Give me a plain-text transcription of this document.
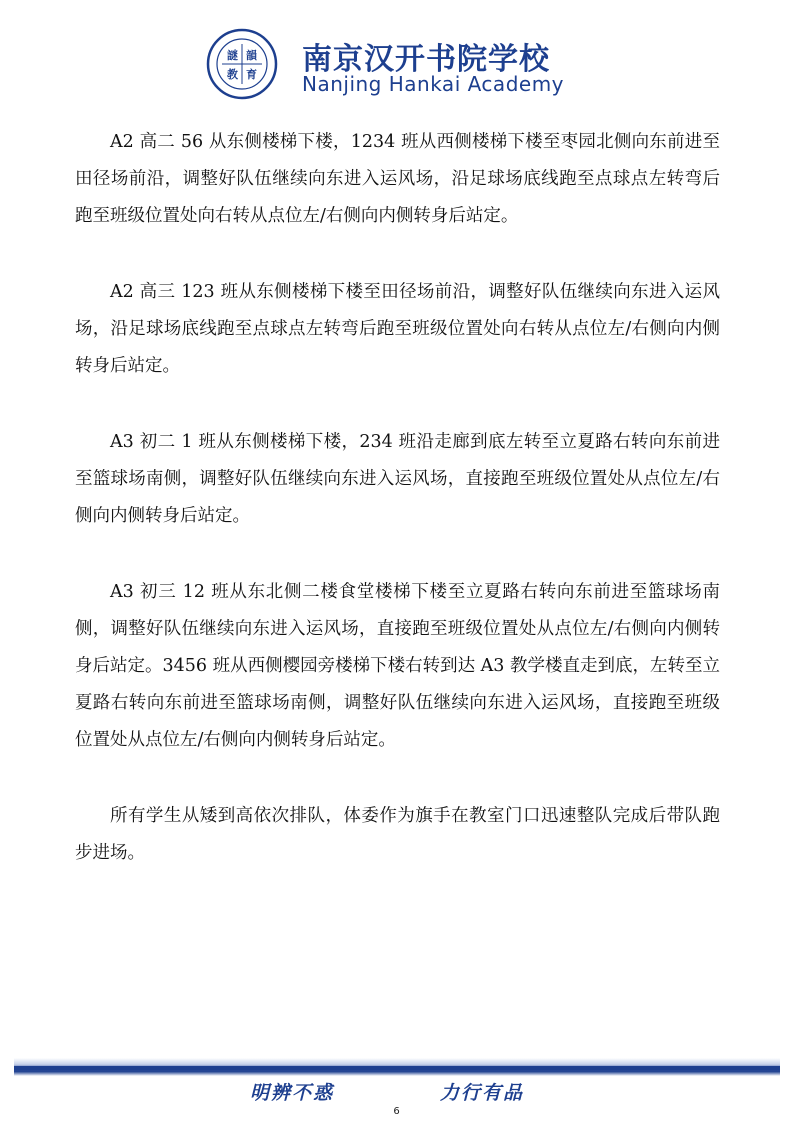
謎 韻
教 育 南京汉开书院学校
Nanjing Hankai Academy

A2 高二 56 从东侧楼梯下楼，1234 班从西侧楼梯下楼至枣园北侧向东前进至田径场前沿，调整好队伍继续向东进入运风场，沿足球场底线跑至点球点左转弯后跑至班级位置处向右转从点位左/右侧向内侧转身后站定。

A2 高三 123 班从东侧楼梯下楼至田径场前沿，调整好队伍继续向东进入运风场，沿足球场底线跑至点球点左转弯后跑至班级位置处向右转从点位左/右侧向内侧转身后站定。

A3 初二 1 班从东侧楼梯下楼，234 班沿走廊到底左转至立夏路右转向东前进至篮球场南侧，调整好队伍继续向东进入运风场，直接跑至班级位置处从点位左/右侧向内侧转身后站定。

A3 初三 12 班从东北侧二楼食堂楼梯下楼至立夏路右转向东前进至篮球场南侧，调整好队伍继续向东进入运风场，直接跑至班级位置处从点位左/右侧向内侧转身后站定。3456 班从西侧樱园旁楼梯下楼右转到达 A3 教学楼直走到底，左转至立夏路右转向东前进至篮球场南侧，调整好队伍继续向东进入运风场，直接跑至班级位置处从点位左/右侧向内侧转身后站定。

所有学生从矮到高依次排队，体委作为旗手在教室门口迅速整队完成后带队跑步进场。

明辨不惑	力行有品
6
